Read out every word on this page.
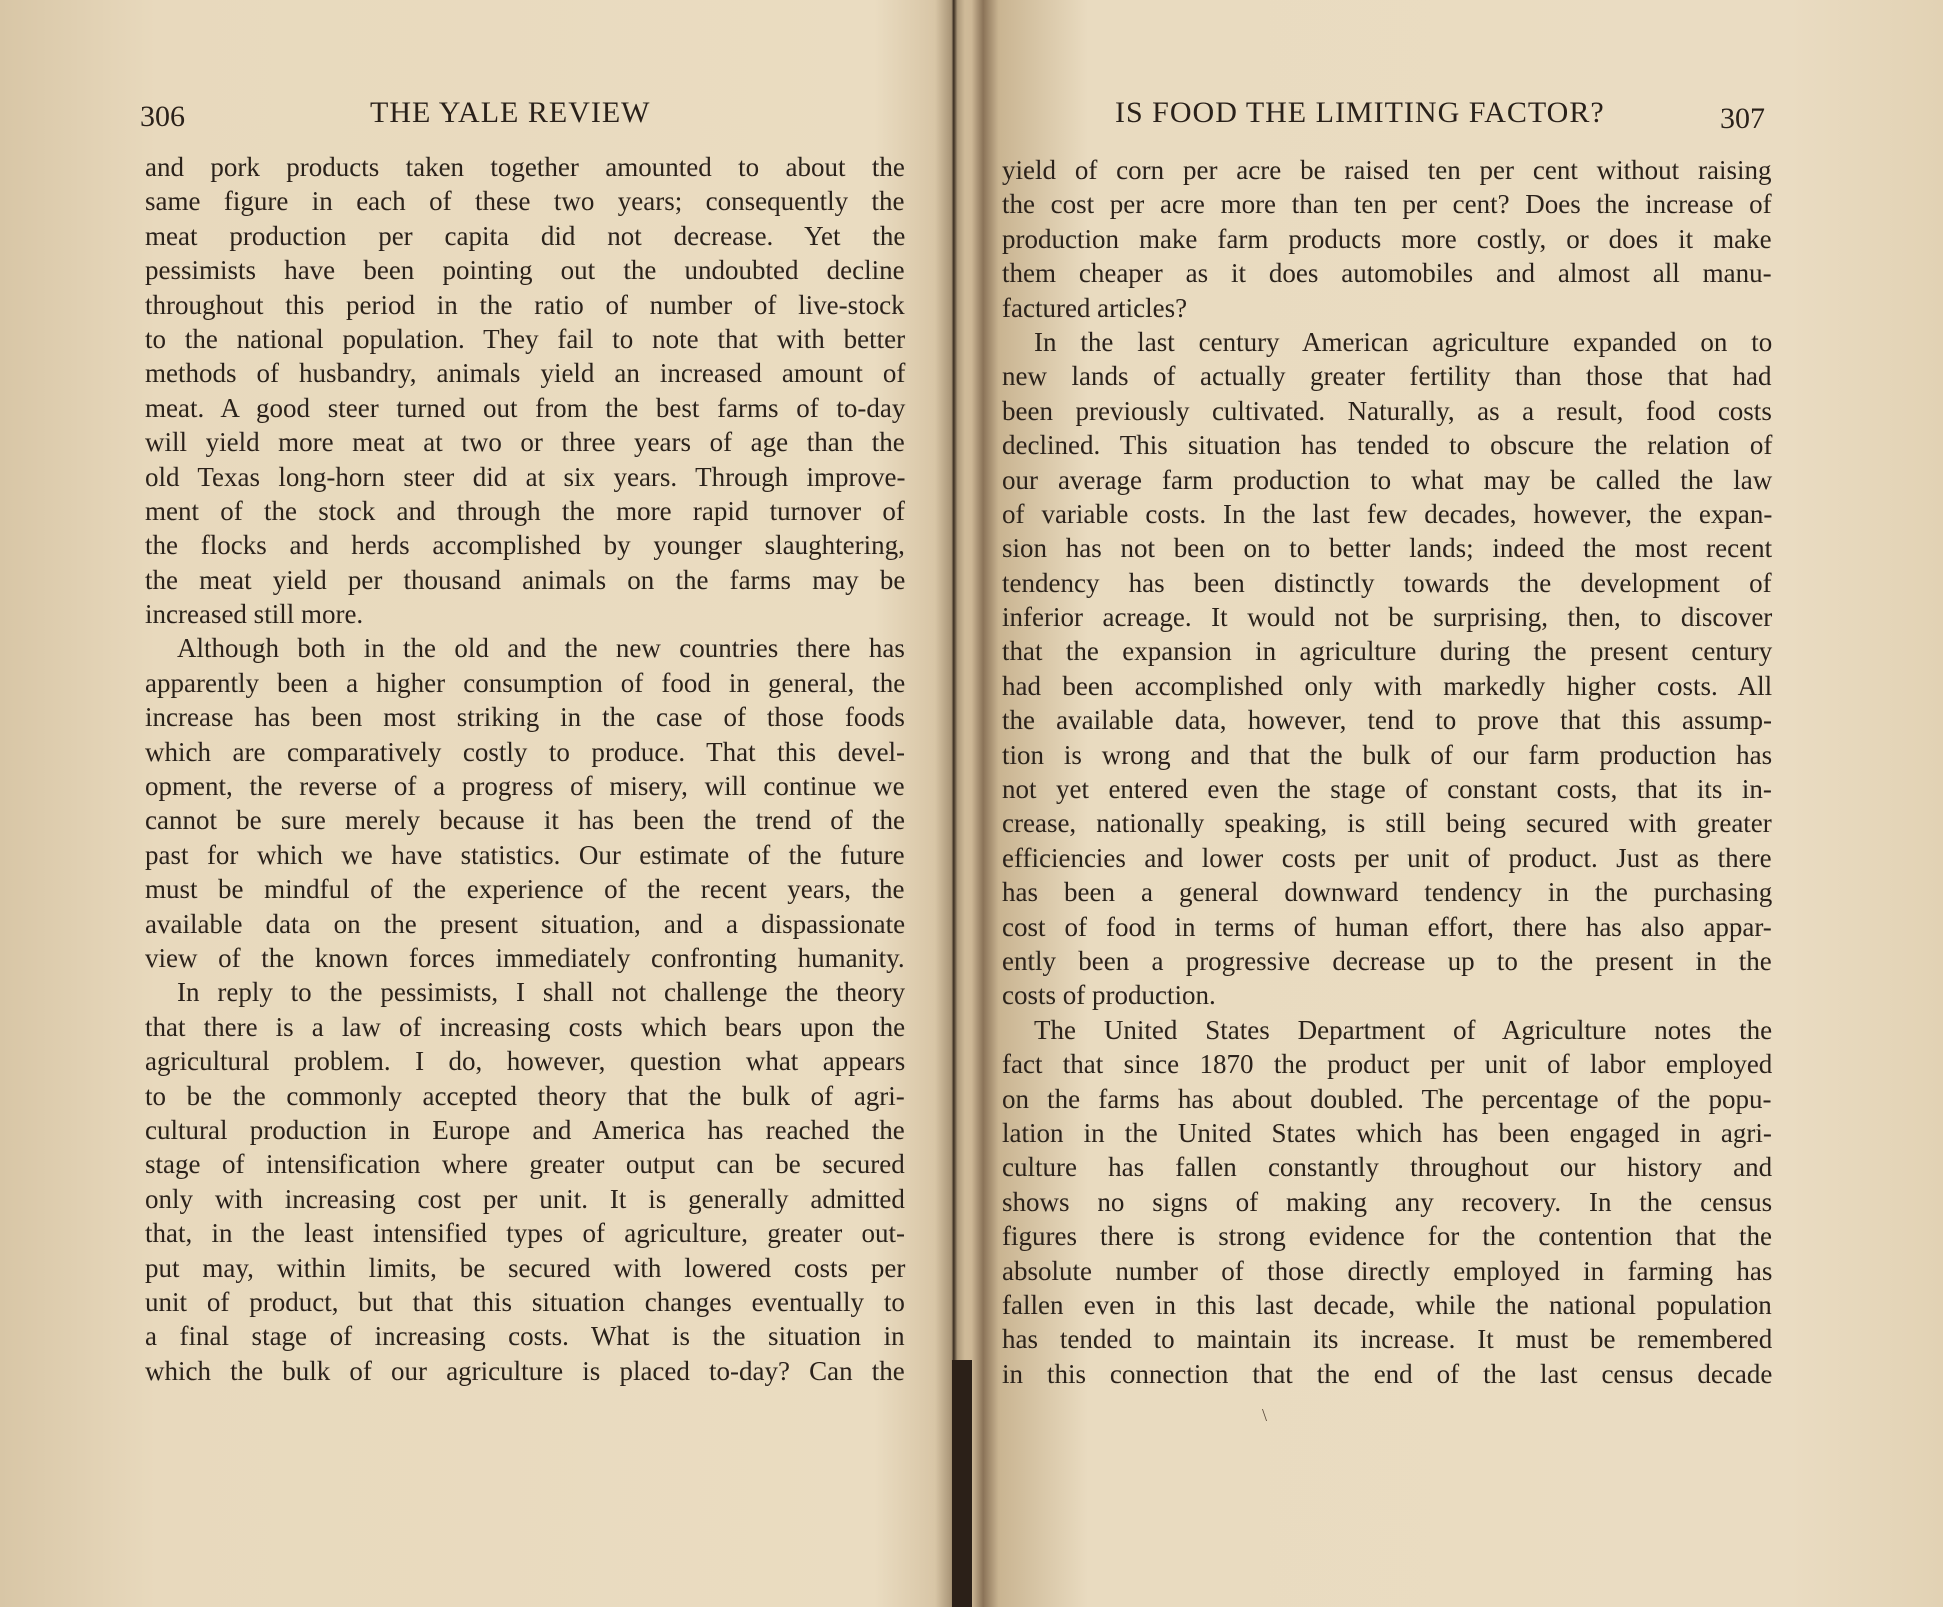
306	THE YALE REVIEW
and pork products taken together amounted to about the
same figure in each of these two years; consequently the
meat production per capita did not decrease. Yet the
pessimists have been pointing out the undoubted decline
throughout this period in the ratio of number of live-stock
to the national population. They fail to note that with better
methods of husbandry, animals yield an increased amount of
meat. A good steer turned out from the best farms of to-day
will yield more meat at two or three years of age than the
old Texas long-horn steer did at six years. Through improve-
ment of the stock and through the more rapid turnover of
the flocks and herds accomplished by younger slaughtering,
the meat yield per thousand animals on the farms may be
increased still more.
Although both in the old and the new countries there has
apparently been a higher consumption of food in general, the
increase has been most striking in the case of those foods
which are comparatively costly to produce. That this devel-
opment, the reverse of a progress of misery, will continue we
cannot be sure merely because it has been the trend of the
past for which we have statistics. Our estimate of the future
must be mindful of the experience of the recent years, the
available data on the present situation, and a dispassionate
view of the known forces immediately confronting humanity.
In reply to the pessimists, I shall not challenge the theory
that there is a law of increasing costs which bears upon the
agricultural problem. I do, however, question what appears
to be the commonly accepted theory that the bulk of agri-
cultural production in Europe and America has reached the
stage of intensification where greater output can be secured
only with increasing cost per unit. It is generally admitted
that, in the least intensified types of agriculture, greater out-
put may, within limits, be secured with lowered costs per
unit of product, but that this situation changes eventually to
a final stage of increasing costs. What is the situation in
which the bulk of our agriculture is placed to-day? Can the
IS FOOD THE LIMITING FACTOR?	307
yield of corn per acre be raised ten per cent without raising
the cost per acre more than ten per cent? Does the increase of
production make farm products more costly, or does it make
them cheaper as it does automobiles and almost all manu-
factured articles?
In the last century American agriculture expanded on to
new lands of actually greater fertility than those that had
been previously cultivated. Naturally, as a result, food costs
declined. This situation has tended to obscure the relation of
our average farm production to what may be called the law
of variable costs. In the last few decades, however, the expan-
sion has not been on to better lands; indeed the most recent
tendency has been distinctly towards the development of
inferior acreage. It would not be surprising, then, to discover
that the expansion in agriculture during the present century
had been accomplished only with markedly higher costs. All
the available data, however, tend to prove that this assump-
tion is wrong and that the bulk of our farm production has
not yet entered even the stage of constant costs, that its in-
crease, nationally speaking, is still being secured with greater
efficiencies and lower costs per unit of product. Just as there
has been a general downward tendency in the purchasing
cost of food in terms of human effort, there has also appar-
ently been a progressive decrease up to the present in the
costs of production.
The United States Department of Agriculture notes the
fact that since 1870 the product per unit of labor employed
on the farms has about doubled. The percentage of the popu-
lation in the United States which has been engaged in agri-
culture has fallen constantly throughout our history and
shows no signs of making any recovery. In the census
figures there is strong evidence for the contention that the
absolute number of those directly employed in farming has
fallen even in this last decade, while the national population
has tended to maintain its increase. It must be remembered
in this connection that the end of the last census decade
\
